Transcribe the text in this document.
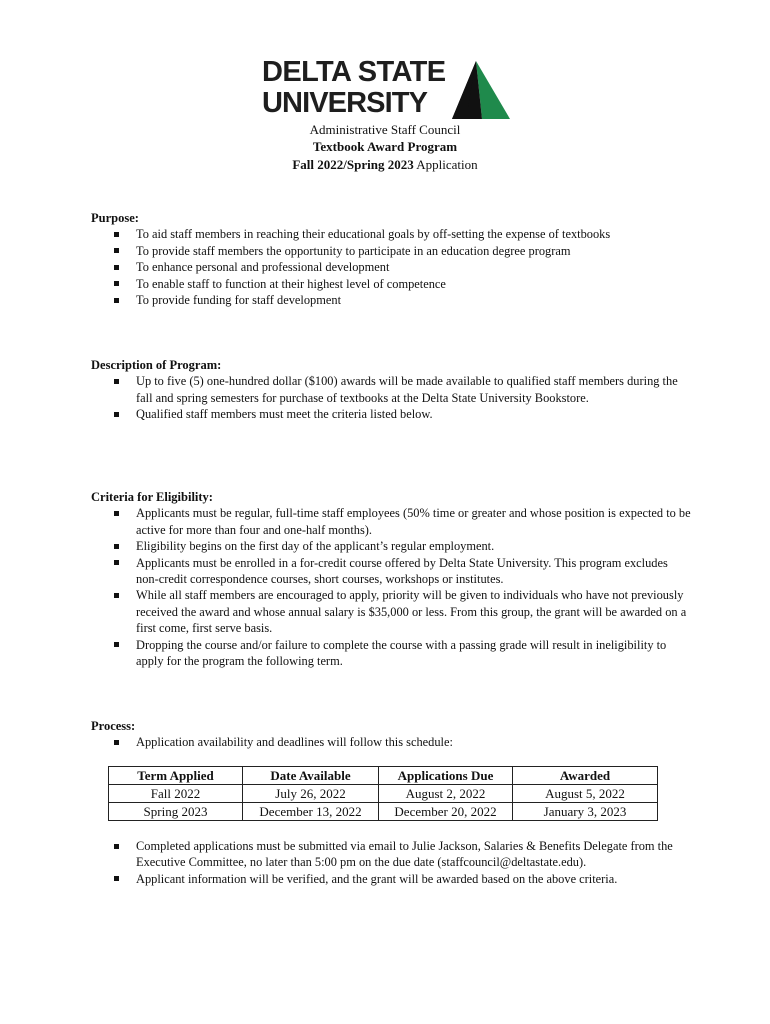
DELTA STATE
UNIVERSITY
Administrative Staff Council
Textbook Award Program
Fall 2022/Spring 2023 Application
Purpose:
To aid staff members in reaching their educational goals by off-setting the expense of textbooks
To provide staff members the opportunity to participate in an education degree program
To enhance personal and professional development
To enable staff to function at their highest level of competence
To provide funding for staff development
Description of Program:
Up to five (5) one-hundred dollar ($100) awards will be made available to qualified staff members during the fall and spring semesters for purchase of textbooks at the Delta State University Bookstore.
Qualified staff members must meet the criteria listed below.
Criteria for Eligibility:
Applicants must be regular, full-time staff employees (50% time or greater and whose position is expected to be active for more than four and one-half months).
Eligibility begins on the first day of the applicant’s regular employment.
Applicants must be enrolled in a for-credit course offered by Delta State University. This program excludes non-credit correspondence courses, short courses, workshops or institutes.
While all staff members are encouraged to apply, priority will be given to individuals who have not previously received the award and whose annual salary is $35,000 or less. From this group, the grant will be awarded on a first come, first serve basis.
Dropping the course and/or failure to complete the course with a passing grade will result in ineligibility to apply for the program the following term.
Process:
Application availability and deadlines will follow this schedule:
Term Applied	Date Available	Applications Due	Awarded
Fall 2022	July 26, 2022	August 2, 2022	August 5, 2022
Spring 2023	December 13, 2022	December 20, 2022	January 3, 2023
Completed applications must be submitted via email to Julie Jackson, Salaries & Benefits Delegate from the Executive Committee, no later than 5:00 pm on the due date (staffcouncil@deltastate.edu).
Applicant information will be verified, and the grant will be awarded based on the above criteria.
